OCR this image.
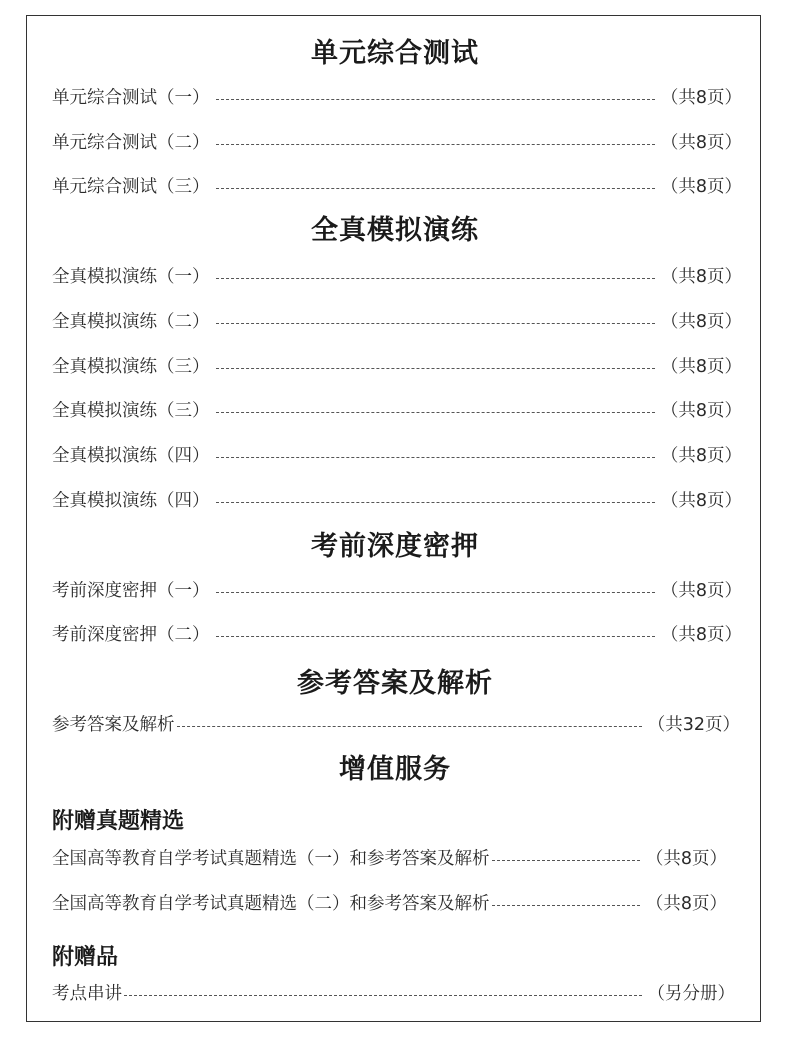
单元综合测试
单元综合测试（一）	（共8页）
单元综合测试（二）	（共8页）
单元综合测试（三）	（共8页）
全真模拟演练
全真模拟演练（一）	（共8页）
全真模拟演练（二）	（共8页）
全真模拟演练（三）	（共8页）
全真模拟演练（三）	（共8页）
全真模拟演练（四）	（共8页）
全真模拟演练（四）	（共8页）
考前深度密押
考前深度密押（一）	（共8页）
考前深度密押（二）	（共8页）
参考答案及解析
参考答案及解析	（共32页）
增值服务
附赠真题精选
全国高等教育自学考试真题精选（一）和参考答案及解析	（共8页）
全国高等教育自学考试真题精选（二）和参考答案及解析	（共8页）
附赠品
考点串讲	（另分册）
